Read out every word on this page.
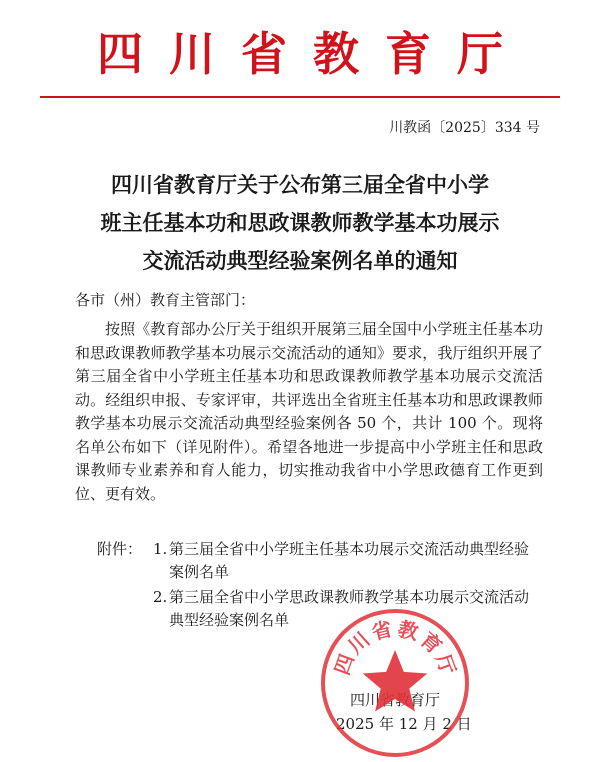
四川省教育厅
川教函〔2025〕334 号
四川省教育厅关于公布第三届全省中小学
班主任基本功和思政课教师教学基本功展示
交流活动典型经验案例名单的通知
各市（州）教育主管部门：
按照《教育部办公厅关于组织开展第三届全国中小学班主任基本功和思政课教师教学基本功展示交流活动的通知》要求，我厅组织开展了第三届全省中小学班主任基本功和思政课教师教学基本功展示交流活动。经组织申报、专家评审，共评选出全省班主任基本功和思政课教师教学基本功展示交流活动典型经验案例各 50 个，共计 100 个。现将名单公布如下（详见附件）。希望各地进一步提高中小学班主任和思政课教师专业素养和育人能力，切实推动我省中小学思政德育工作更到位、更有效。
附件： 1. 第三届全省中小学班主任基本功展示交流活动典型经验案例名单
2. 第三届全省中小学思政课教师教学基本功展示交流活动典型经验案例名单
四川省教育厅
2025 年 12 月 2 日
四
川
省 教
育
厅
